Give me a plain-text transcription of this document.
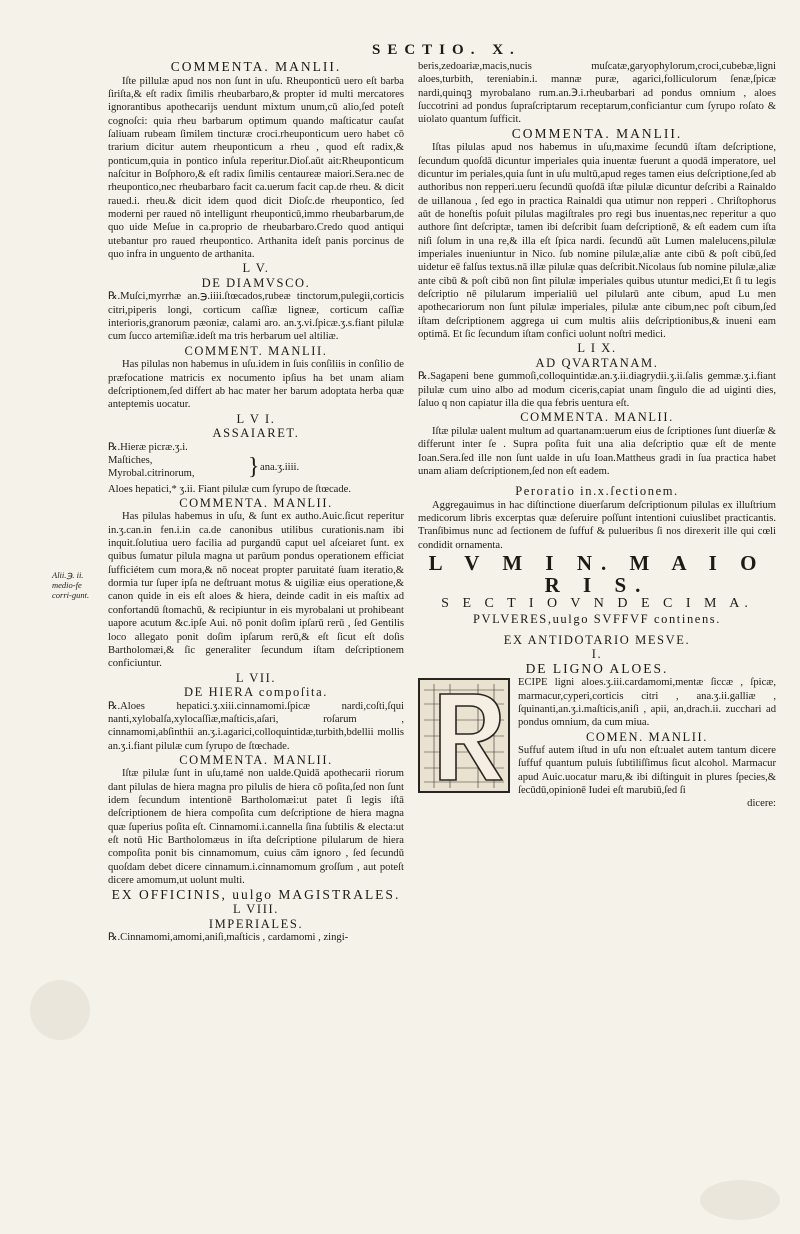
SECTIO. X.
Alii.℈. ii. medio-fe corri-gunt.

COMMENTA. MANLII.

Iſte pillulæ apud nos non ſunt in uſu. Rheuponticū uero eſt barba ſiriſta,& eſt radix ſimilis rheubarbaro,& propter id multi mercatores ignorantibus apothecarijs uendunt mixtum unum,cū alio,ſed poteſt cognoſci: quia rheu barbarum optimum quando maſticatur cauſat ſaliuam rubeam ſimilem tincturæ croci.rheuponticum uero habet cō trarium dicitur autem rheuponticum a rheu , quod eſt radix,& ponticum,quia in pontico inſula reperitur.Dioſ.aūt ait:Rheuponticum naſcitur in Boſphoro,& eſt radix ſimilis centaureæ maiori.Sera.nec de rheupontico,nec rheubarbaro facit ca.uerum facit cap.de rheu. & dicit raued.i. rheu.& dicit idem quod dicit Dioſc.de rheupontico, ſed moderni per raued nō intelligunt rheuponticū,immo rheubarbarum,de quo uide Meſue in ca.proprio de rheubarbaro.Credo quod antiqui utebantur pro raued rheupontico. Arthanita ideſt panis porcinus de quo infra in unguento de arthanita.

L V.

DE DIAMVSCO.

℞.Muſci,myrrhæ an.℈.iiii.ſtœcados,rubeæ tinctorum,pulegii,corticis citri,piperis longi, corticum caſſiæ ligneæ, corticum caſſiæ interioris,granorum pæoniæ, calami aro. an.ʒ.vi.ſpicæ.ʒ.s.fiant pilulæ cum ſucco artemiſiæ.ideſt ma tris herbarum uel altiliæ.

COMMENT. MANLII.

Has pilulas non habemus in uſu.idem in ſuis conſiliis in conſilio de præfocatione matricis ex nocumento ipſius ha bet unam aliam deſcriptionem,ſed differt ab hac mater her barum adoptata herba quæ anteptemis uocatur.

L V I.

ASSAIARET.

℞.Hieræ picræ.ʒ.i.
Maſtiches,
Myrobal.citrinorum, } ana.ʒ.iiii.

Aloes hepatici,* ʒ.ii. Fiant pilulæ cum ſyrupo de ſtœcade.

COMMENTA. MANLII.

Has pilulas habemus in uſu, & ſunt ex autho.Auic.ſicut reperitur in.ʒ.can.in fen.i.in ca.de canonibus utilibus curationis.nam ibi inquit.ſolutiua uero facilia ad purgandū caput uel aſceiaret ſunt. ex quibus ſumatur pilula magna ut parūum pondus operationem efficiat ſufficiétem cum mora,& nō noceat propter paruitaté ſuam iteratio,& dormia tur ſuper ipſa ne deſtruant motus & uigiliæ eius operatione,& canon quide in eis eſt aloes & hiera, deinde cadit in eis maſtix ad confortandū ſtomachū, & recipiuntur in eis myrobalani ut prohibeant uapore acutum &c.ipſe Aui. nō ponit doſim ipſarū rerū , ſed Gentilis loco allegato ponit doſim ipſarum rerū,& eſt ſicut eſt doſis Bartholomæi,& ſic generaliter ſecundum iſtam deſcriptionem conficiuntur.

L VII.

DE HIERA compoſita.

℞.Aloes hepatici.ʒ.xiii.cinnamomi.ſpicæ nardi,coſti,ſqui nanti,xylobalſa,xylocaſſiæ,maſticis,aſari, roſarum , cinnamomi,abſinthii an.ʒ.i.agarici,colloquintidæ,turbith,bdellii mollis an.ʒ.i.fiant pilulæ cum ſyrupo de ſtœchade.

COMMENTA. MANLII.

Iſtæ pilulæ ſunt in uſu,tamé non ualde.Quidā apothecarii riorum dant pilulas de hiera magna pro pilulis de hiera cō poſita,ſed non ſunt idem ſecundum intentionē Bartholomæi:ut patet ſi legis iſtā deſcriptionem de hiera compoſita cum deſcriptione de hiera magna quæ ſuperius poſita eſt. Cinnamomi.i.cannella ſina ſubtilis & electa:ut eſt notū Hic Bartholomæus in iſta deſcriptione pilularum de hiera compoſita ponit bis cinnamomum, cuius cām ignoro , ſed ſecundū quoſdam debet dicere cinnamum.i.cinnamomum groſſum , aut poteſt dicere amomum,ut uolunt multi.

EX OFFICINIS, uulgo MAGISTRALES.

L VIII.

IMPERIALES.

℞.Cinnamomi,amomi,aniſi,maſticis , cardamomi , zingi-

beris,zedoariæ,macis,nucis muſcatæ,garyophylorum,croci,cubebæ,ligni aloes,turbith, tereniabin.i. mannæ puræ, agarici,folliculorum ſenæ,ſpicæ nardi,quinqꝫ myrobalano rum.an.℈.i.rheubarbari ad pondus omnium , aloes ſuccotrini ad pondus ſupraſcriptarum receptarum,conficiantur cum ſyrupo roſato & uiolato quantum ſufficit.

COMMENTA. MANLII.

Iſtas pilulas apud nos habemus in uſu,maxime ſecundū iſtam deſcriptione, ſecundum quoſdā dicuntur imperiales quia inuentæ fuerunt a quodā imperatore, uel dicuntur im periales,quia ſunt in uſu multū,apud reges tamen eius deſcriptione,ſed ab authoribus non repperi.ueru ſecundū quoſdā iſtæ pilulæ dicuntur deſcribi a Rainaldo de uillanoua , ſed ego in practica Rainaldi qua utimur non repperi . Chriſtophorus aūt de honeſtis poſuit pilulas magiſtrales pro regi bus inuentas,nec reperitur a quo authore ſint deſcriptæ, tamen ibi deſcribit ſuam deſcriptionē, & eſt eadem cum iſta niſi ſolum in una re,& illa eſt ſpica nardi. ſecundū aūt Lumen malelucens,pilulæ imperiales inueniuntur in Nico. ſub nomine pilulæ,aliæ ante cibū & poſt cibū,ſed uidetur eē falſus textus.nā illæ pilulæ quas deſcribit.Nicolaus ſub nomine pilulæ,aliæ ante cibū & poſt cibū non ſint pilulæ imperiales quibus utuntur medici,Et ſi tu legis deſcriptio nē pilularum imperialiū uel pilularū ante cibum, apud Lu men apothecariorum non ſunt pilulæ imperiales, pilulæ ante cibum,nec poſt cibum,ſed iſtam deſcriptionem aggrega ui cum multis aliis deſcriptionibus,& inueni eam optimā. Et ſic ſecundum iſtam confici uolunt noſtri medici.

L I X.

AD QVARTANAM.

℞.Sagapeni bene gummoſi,colloquintidæ.an.ʒ.ii.diagrydii.ʒ.ii.ſalis gemmæ.ʒ.i.fiant pilulæ cum uino albo ad modum ciceris,capiat unam ſingulo die ad uiginti dies, ſaluo q non capiatur illa die qua febris uentura eſt.

COMMENTA. MANLII.

Iſtæ pilulæ ualent multum ad quartanam:uerum eius de ſcriptiones ſunt diuerſæ & differunt inter ſe . Supra poſita fuit una alia deſcriptio quæ eſt de mente Ioan.Sera.ſed ille non ſunt ualde in uſu Ioan.Mattheus gradi in ſua practica habet unam aliam deſcriptionem,ſed non eſt eadem.

Peroratio in.x.ſectionem.

Aggregauimus in hac diſtinctione diuerſarum deſcriptionum pilulas ex illuſtrium medicorum libris excerptas quæ deſeruire poſſunt intentioni cuiuslibet practicantis. Tranſibimus nunc ad ſectionem de ſuffuf & pulueribus ſi nos direxerit ille qui cœli condidit ornamenta.

L V M I N. M A I O R I S.

S E C T I O V N D E C I M A.

PVLVERES,uulgo SVFFVF continens.

EX ANTIDOTARIO MESVE.

I.

DE LIGNO ALOES.

ECIPE ligni aloes.ʒ.iii.cardamomi,mentæ ſiccæ , ſpicæ, marmacur,cyperi,corticis citri , ana.ʒ.ii.galliæ , ſquinanti,an.ʒ.i.maſticis,aniſi , apii, an,drach.ii. zucchari ad pondus omnium, da cum miua.

COMEN. MANLII.

Suffuf autem iſtud in uſu non eſt:ualet autem tantum dicere ſuffuf quantum puluis ſubtiliſſimus ſicut alcohol. Marmacur apud Auic.uocatur maru,& ibi diſtinguit in plures ſpecies,& ſecūdū,opinionē Iudei eſt marubiū,ſed ſi

dicere:
